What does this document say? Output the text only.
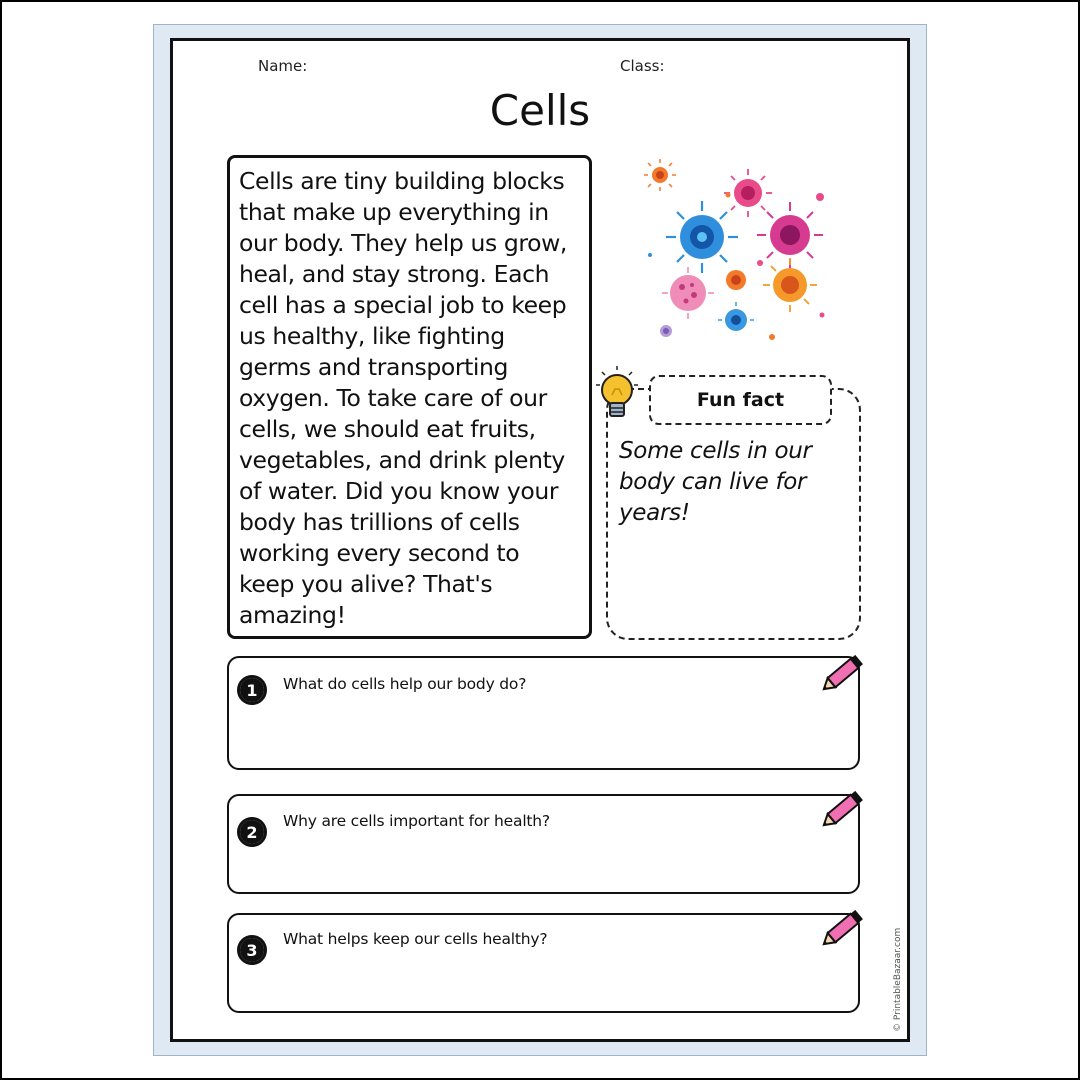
Name:	Class:
Cells

Cells are tiny building blocks that make up everything in our body. They help us grow, heal, and stay strong. Each cell has a special job to keep us healthy, like fighting germs and transporting oxygen. To take care of our cells, we should eat fruits, vegetables, and drink plenty of water. Did you know your body has trillions of cells working every second to keep you alive? That's amazing!

Fun fact
Some cells in our body can live for years!
1	What do cells help our body do?
2
Why are cells important for health?
3
What helps keep our cells healthy?	© PrintableBazaar.com
